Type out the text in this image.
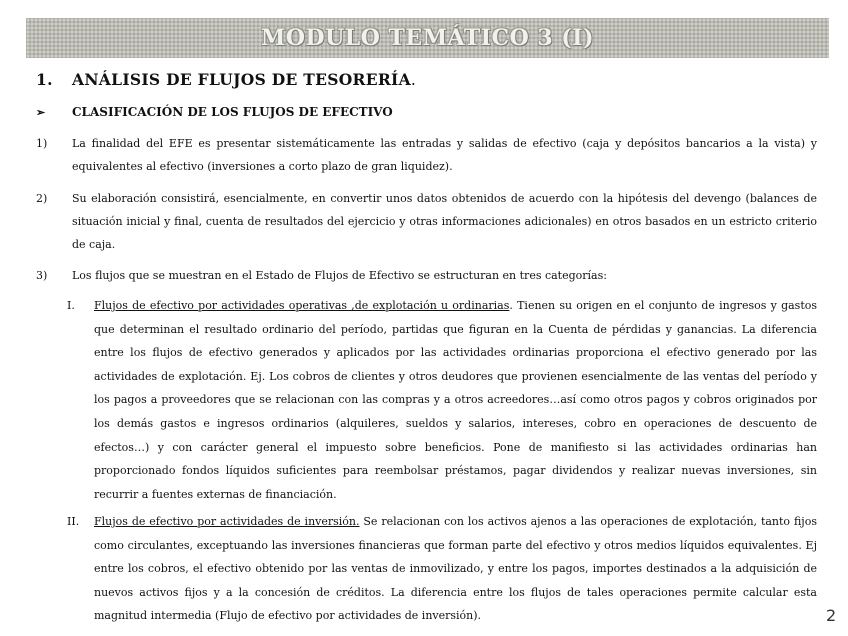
MODULO TEMÁTICO 3 (I)
1. ANÁLISIS DE FLUJOS DE TESORERÍA.
➢ CLASIFICACIÓN DE LOS FLUJOS DE EFECTIVO
1) La finalidad del EFE es presentar sistemáticamente las entradas y salidas de efectivo (caja y depósitos bancarios a la vista) y equivalentes al efectivo (inversiones a corto plazo de gran liquidez).
2) Su elaboración consistirá, esencialmente, en convertir unos datos obtenidos de acuerdo con la hipótesis del devengo (balances de situación inicial y final, cuenta de resultados del ejercicio y otras informaciones adicionales) en otros basados en un estricto criterio de caja.
3) Los flujos que se muestran en el Estado de Flujos de Efectivo se estructuran en tres categorías:
I. Flujos de efectivo por actividades operativas ,de explotación u ordinarias. Tienen su origen en el conjunto de ingresos y gastos que determinan el resultado ordinario del período, partidas que figuran en la Cuenta de pérdidas y ganancias. La diferencia entre los flujos de efectivo generados y aplicados por las actividades ordinarias proporciona el efectivo generado por las actividades de explotación. Ej. Los cobros de clientes y otros deudores que provienen esencialmente de las ventas del período y los pagos a proveedores que se relacionan con las compras y a otros acreedores…así como otros pagos y cobros originados por los demás gastos e ingresos ordinarios (alquileres, sueldos y salarios, intereses, cobro en operaciones de descuento de efectos…) y con carácter general el impuesto sobre beneficios. Pone de manifiesto si las actividades ordinarias han proporcionado fondos líquidos suficientes para reembolsar préstamos, pagar dividendos y realizar nuevas inversiones, sin recurrir a fuentes externas de financiación.
II. Flujos de efectivo por actividades de inversión. Se relacionan con los activos ajenos a las operaciones de explotación, tanto fijos como circulantes, exceptuando las inversiones financieras que forman parte del efectivo y otros medios líquidos equivalentes. Ej entre los cobros, el efectivo obtenido por las ventas de inmovilizado, y entre los pagos, importes destinados a la adquisición de nuevos activos fijos y a la concesión de créditos. La diferencia entre los flujos de tales operaciones permite calcular esta magnitud intermedia (Flujo de efectivo por actividades de inversión).	2
